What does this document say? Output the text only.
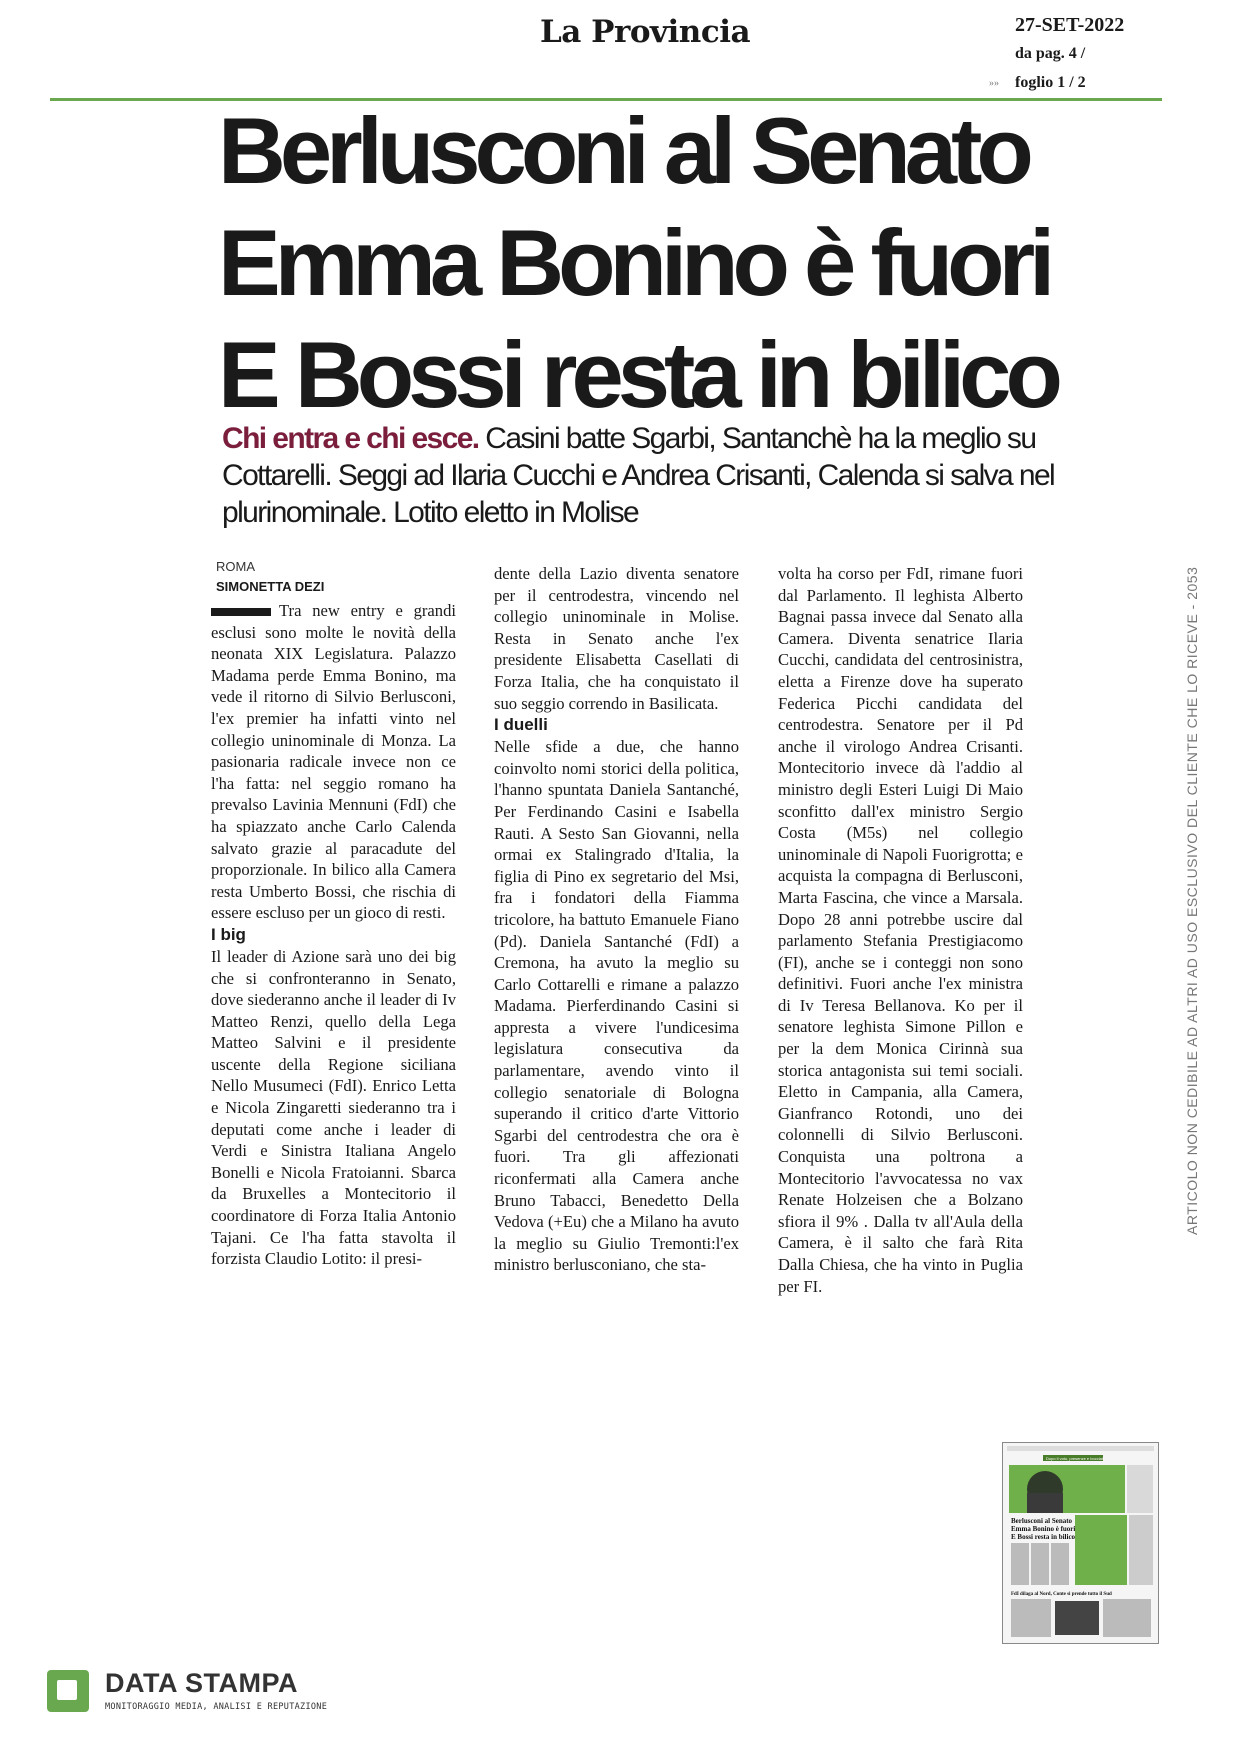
La Provincia	27-SET-2022
da pag. 4 /
»» foglio 1 / 2
Berlusconi al Senato
Emma Bonino è fuori
E Bossi resta in bilico

Chi entra e chi esce. Casini batte Sgarbi, Santanchè ha la meglio su Cottarelli. Seggi ad Ilaria Cucchi e Andrea Crisanti, Calenda si salva nel plurinominale. Lotito eletto in Molise

ROMA
SIMONETTA DEZI

Tra new entry e grandi esclusi sono molte le novità della neonata XIX Legislatura. Palazzo Madama perde Emma Bonino, ma vede il ritorno di Silvio Berlusconi, l'ex premier ha infatti vinto nel collegio uninominale di Monza. La pasionaria radicale invece non ce l'ha fatta: nel seggio romano ha prevalso Lavinia Mennuni (FdI) che ha spiazzato anche Carlo Calenda salvato grazie al paracadute del proporzionale. In bilico alla Camera resta Umberto Bossi, che rischia di essere escluso per un gioco di resti.

I big

Il leader di Azione sarà uno dei big che si confronteranno in Senato, dove siederanno anche il leader di Iv Matteo Renzi, quello della Lega Matteo Salvini e il presidente uscente della Regione siciliana Nello Musumeci (FdI). Enrico Letta e Nicola Zingaretti siederanno tra i deputati come anche i leader di Verdi e Sinistra Italiana Angelo Bonelli e Nicola Fratoianni. Sbarca da Bruxelles a Montecitorio il coordinatore di Forza Italia Antonio Tajani. Ce l'ha fatta stavolta il forzista Claudio Lotito: il presi-

dente della Lazio diventa senatore per il centrodestra, vincendo nel collegio uninominale in Molise. Resta in Senato anche l'ex presidente Elisabetta Casellati di Forza Italia, che ha conquistato il suo seggio correndo in Basilicata.

I duelli

Nelle sfide a due, che hanno coinvolto nomi storici della politica, l'hanno spuntata Daniela Santanché, Per Ferdinando Casini e Isabella Rauti. A Sesto San Giovanni, nella ormai ex Stalingrado d'Italia, la figlia di Pino ex segretario del Msi, fra i fondatori della Fiamma tricolore, ha battuto Emanuele Fiano (Pd). Daniela Santanché (FdI) a Cremona, ha avuto la meglio su Carlo Cottarelli e rimane a palazzo Madama. Pierferdinando Casini si appresta a vivere l'undicesima legislatura consecutiva da parlamentare, avendo vinto il collegio senatoriale di Bologna superando il critico d'arte Vittorio Sgarbi del centrodestra che ora è fuori. Tra gli affezionati riconfermati alla Camera anche Bruno Tabacci, Benedetto Della Vedova (+Eu) che a Milano ha avuto la meglio su Giulio Tremonti:l'ex ministro berlusconiano, che sta-

volta ha corso per FdI, rimane fuori dal Parlamento. Il leghista Alberto Bagnai passa invece dal Senato alla Camera. Diventa senatrice Ilaria Cucchi, candidata del centrosinistra, eletta a Firenze dove ha superato Federica Picchi candidata del centrodestra. Senatore per il Pd anche il virologo Andrea Crisanti. Montecitorio invece dà l'addio al ministro degli Esteri Luigi Di Maio sconfitto dall'ex ministro Sergio Costa (M5s) nel collegio uninominale di Napoli Fuorigrotta; e acquista la compagna di Berlusconi, Marta Fascina, che vince a Marsala. Dopo 28 anni potrebbe uscire dal parlamento Stefania Prestigiacomo (FI), anche se i conteggi non sono definitivi. Fuori anche l'ex ministra di Iv Teresa Bellanova. Ko per il senatore leghista Simone Pillon e per la dem Monica Cirinnà sua storica antagonista sui temi sociali. Eletto in Campania, alla Camera, Gianfranco Rotondi, uno dei colonnelli di Silvio Berlusconi. Conquista una poltrona a Montecitorio l'avvocatessa no vax Renate Holzeisen che a Bolzano sfiora il 9% . Dalla tv all'Aula della Camera, è il salto che farà Rita Dalla Chiesa, che ha vinto in Puglia per FI.

ARTICOLO NON CEDIBILE AD ALTRI AD USO ESCLUSIVO DEL CLIENTE CHE LO RICEVE - 2053
Dopo il voto, presenze e bocciati
Berlusconi al Senato
Emma Bonino è fuori
E Bossi resta in bilico
FdI dilaga al Nord, Conte si prende tutto il Sud
DATA STAMPA
MONITORAGGIO MEDIA, ANALISI E REPUTAZIONE
